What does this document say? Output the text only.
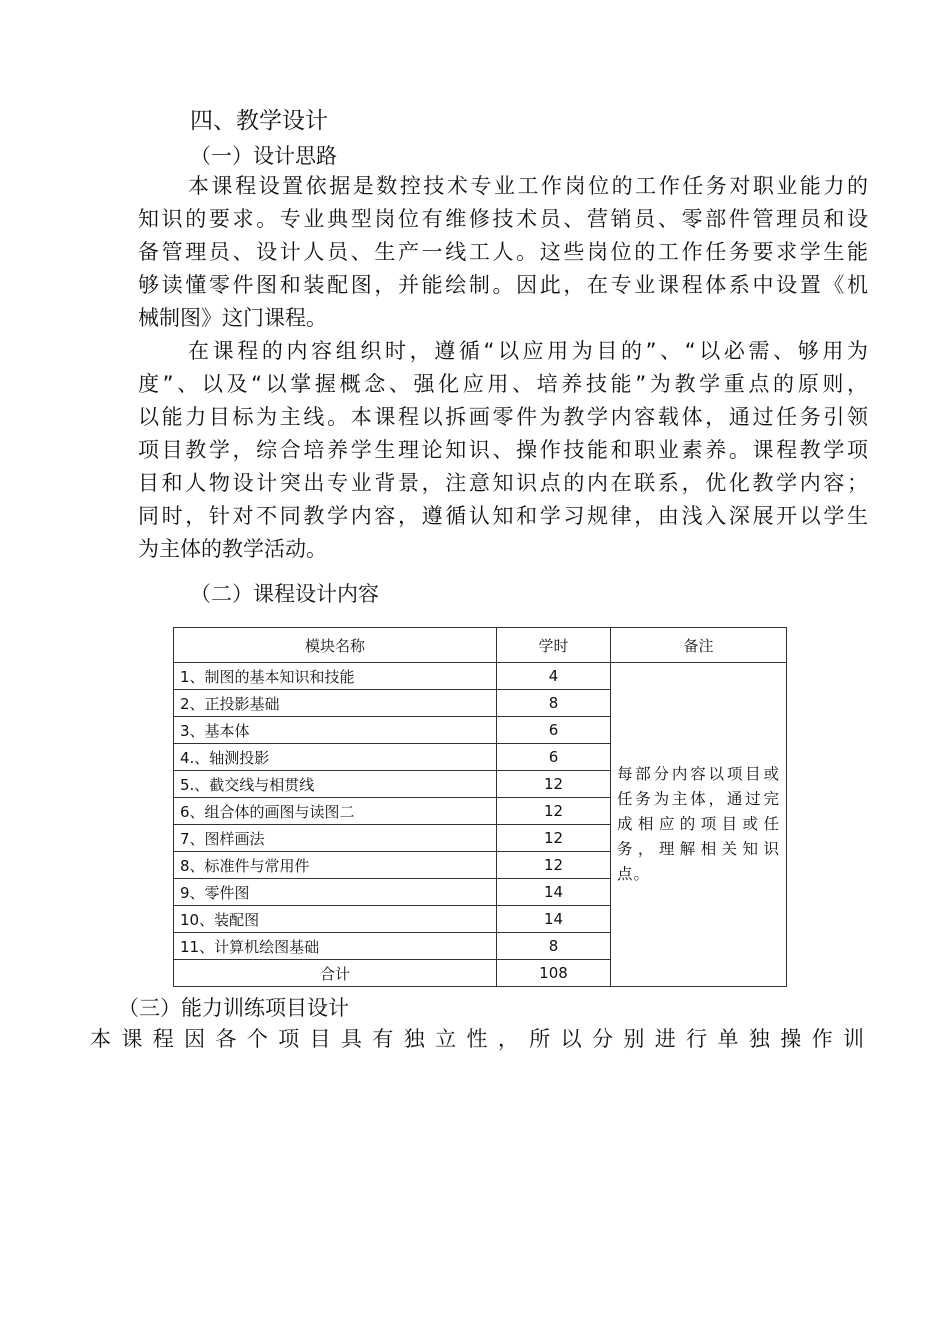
四、教学设计
（一）设计思路
本课程设置依据是数控技术专业工作岗位的工作任务对职业能力的
知识的要求。专业典型岗位有维修技术员、营销员、零部件管理员和设
备管理员、设计人员、生产一线工人。这些岗位的工作任务要求学生能
够读懂零件图和装配图，并能绘制。因此，在专业课程体系中设置《机
械制图》这门课程。
在课程的内容组织时，遵循“以应用为目的”、“以必需、够用为
度”、以及“以掌握概念、强化应用、培养技能”为教学重点的原则，
以能力目标为主线。本课程以拆画零件为教学内容载体，通过任务引领
项目教学，综合培养学生理论知识、操作技能和职业素养。课程教学项
目和人物设计突出专业背景，注意知识点的内在联系，优化教学内容；
同时，针对不同教学内容，遵循认知和学习规律，由浅入深展开以学生
为主体的教学活动。
（二）课程设计内容
模块名称	学时	备注
1、制图的基本知识和技能	4	每部分内容以项目或任务为主体，通过完成相应的项目或任务，理解相关知识点。
2、正投影基础	8	
3、基本体	6	
4.、轴测投影	6	
5.、截交线与相贯线	12	
6、组合体的画图与读图二	12	
7、图样画法	12	
8、标准件与常用件	12	
9、零件图	14	
10、装配图	14	
11、计算机绘图基础	8	
合计	108	
（三）能力训练项目设计
本课程因各个项目具有独立性，所以分别进行单独操作训
